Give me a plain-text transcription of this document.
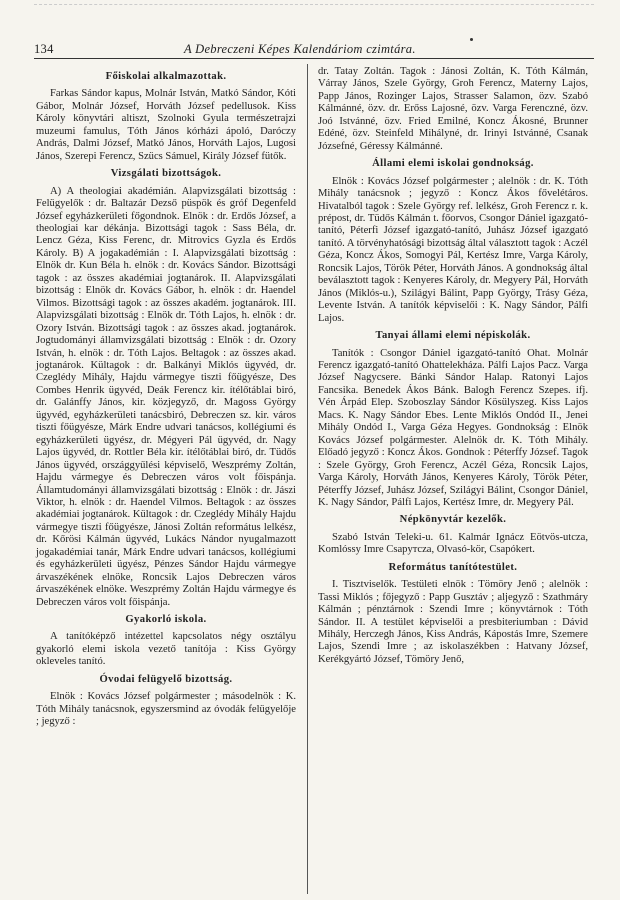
134	A Debreczeni Képes Kalendáriom czimtára.
Főiskolai alkalmazottak.

Farkas Sándor kapus, Molnár István, Matkó Sándor, Kóti Gábor, Molnár József, Horváth József pedellusok. Kiss Károly könyvtári altiszt, Szolnoki Gyula természetrajzi muzeumi famulus, Tóth János kórházi ápoló, Daróczy András, Dalmi József, Matkó János, Horváth Lajos, Lugosi János, Szerepi Ferencz, Szücs Sámuel, Király József fütők.

Vizsgálati bizottságok.

A) A theologiai akadémián. Alapvizsgálati bizottság : Felügyelők : dr. Baltazár Dezső püspök és gróf Degenfeld József egyházkerületi főgondnok. Elnök : dr. Erdős József, a theologiai kar dékánja. Bizottsági tagok : Sass Béla, dr. Lencz Géza, Kiss Ferenc, dr. Mitrovics Gyzla és Erdős Károly. B) A jogakadémián : I. Alapvizsgálati bizottság : Elnök dr. Kun Béla h. elnök : dr. Kovács Sándor. Bizottsági tagok : az összes akadémiai jogtanárok. II. Alapvizsgálati bizottság : Elnök dr. Kovács Gábor, h. elnök : dr. Haendel Vilmos. Bizottsági tagok : az összes akadém. jogtanárok. III. Alapvizsgálati bizottság : Elnök dr. Tóth Lajos, h. elnök : dr. Ozory István. Bizottsági tagok : az összes akad. jogtanárok. Jogtudományi államvizsgálati bizottság : Elnök : dr. Ozory István, h. elnök : dr. Tóth Lajos. Beltagok : az összes akad. jogtanárok. Kültagok : dr. Balkányi Miklós ügyvéd, dr. Czeglédy Mihály, Hajdu vármegye tiszti főügyésze, Des Combes Henrik ügyvéd, Deák Ferencz kir. ítélőtáblai biró, dr. Galánffy János, kir. közjegyző, dr. Magoss György ügyvéd, egyházkerületi tanácsbiró, Debreczen sz. kir. város tiszti főügyésze, Márk Endre udvari tanácsos, kollégiumi és egyházkerületi ügyész, dr. Mégyeri Pál ügyvéd, dr. Nagy Lajos ügyvéd, dr. Rottler Béla kir. ítélőtáblai biró, dr. Tüdős János ügyvéd, országgyűlési képviselő, Weszprémy Zoltán, Hajdu vármegye és Debreczen város volt főispánja. Államtudományi államvizsgálati bizottság : Elnök : dr. Jászi Viktor, h. elnök : dr. Haendel Vilmos. Beltagok : az összes akadémiai jogtanárok. Kültagok : dr. Czeglédy Mihály Hajdu vármegye tiszti főügyésze, Jánosi Zoltán református lelkész, dr. Kőrösi Kálmán ügyvéd, Lukács Nándor nyugalmazott jogakadémiai tanár, Márk Endre udvari tanácsos, kollégiumi és egyházkerületi ügyész, Pénzes Sándor Hajdu vármegye árvaszékének elnöke, Roncsik Lajos Debreczen város árvaszékének elnöke. Weszprémy Zoltán Hajdu vármegye és Debreczen város volt főispánja.

Gyakorló iskola.

A tanítóképző intézettel kapcsolatos négy osztályu gyakorló elemi iskola vezető tanítója : Kiss György okleveles tanító.

Óvodai felügyelő bizottság.

Elnök : Kovács József polgármester ; másodelnök : K. Tóth Mihály tanácsnok, egyszersmind az óvodák felügyelője ; jegyző :

dr. Tatay Zoltán. Tagok : Jánosi Zoltán, K. Tóth Kálmán, Várray János, Szele György, Groh Ferencz, Materny Lajos, Papp János, Rozinger Lajos, Strasser Salamon, özv. Szabó Kálmánné, özv. dr. Erőss Lajosné, özv. Varga Ferenczné, özv. Joó Istvánné, özv. Fried Emilné, Koncz Ákosné, Brunner Edéné, özv. Steinfeld Mihályné, dr. Irinyi Istvánné, Csanak Józsefné, Géressy Kálmánné.

Állami elemi iskolai gondnokság.

Elnök : Kovács József polgármester ; alelnök : dr. K. Tóth Mihály tanácsnok ; jegyző : Koncz Ákos fővelétáros. Hivatalból tagok : Szele György ref. lelkész, Groh Ferencz r. k. prépost, dr. Tüdős Kálmán t. főorvos, Csongor Dániel igazgató-tanító, Péterfi József igazgató-tanító, Juhász József igazgató tanító. A törvényhatósági bizottság által választott tagok : Aczél Géza, Koncz Ákos, Somogyi Pál, Kertész Imre, Varga Károly, Roncsik Lajos, Török Péter, Horváth János. A gondnokság által beválasztott tagok : Kenyeres Károly, dr. Megyery Pál, Horváth János (Miklós-u.), Szilágyi Bálint, Papp György, Trásy Géza, Levente István. A tanítók képviselői : K. Nagy Sándor, Pálfi Lajos.

Tanyai állami elemi népiskolák.

Tanítók : Csongor Dániel igazgató-tanító Ohat. Molnár Ferencz igazgató-tanító Ohattelekháza. Pálfi Lajos Pacz. Varga József Nagycsere. Bánki Sándor Halap. Ratonyi Lajos Fancsika. Benedek Ákos Bánk. Balogh Ferencz Szepes. ifj. Vén Árpád Elep. Szoboszlay Sándor Kösülyszeg. Kiss Lajos Macs. K. Nagy Sándor Ebes. Lente Miklós Ondód II., Jenei Mihály Ondód I., Varga Géza Hegyes. Gondnokság : Elnök Kovács József polgármester. Alelnök dr. K. Tóth Mihály. Előadó jegyző : Koncz Ákos. Gondnok : Péterffy József. Tagok : Szele György, Groh Ferencz, Aczél Géza, Roncsik Lajos, Varga Károly, Horváth János, Kenyeres Károly, Török Péter, Péterffy József, Juhász József, Szilágyi Bálint, Csongor Dániel, K. Nagy Sándor, Pálfi Lajos, Kertész Imre, dr. Megyery Pál.

Népkönyvtár kezelők.

Szabó István Teleki-u. 61. Kalmár Ignácz Eötvös-utcza, Komlóssy Imre Csapутcza, Olvasó-kör, Csapókert.

Református tanítótestület.

I. Tisztviselők. Testületi elnök : Tömöry Jenő ; alelnök : Tassi Miklós ; főjegyző : Papp Gusztáv ; aljegyző : Szathmáry Kálmán ; pénztárnok : Szendi Imre ; könyvtárnok : Tóth Sándor. II. A testület képviselői a presbiteriumban : Dávid Mihály, Herczegh János, Kiss András, Kápostás Imre, Szemere Lajos, Szendi Imre ; az iskolaszékben : Hatvany József, Kerékgyártó József, Tömöry Jenő,
